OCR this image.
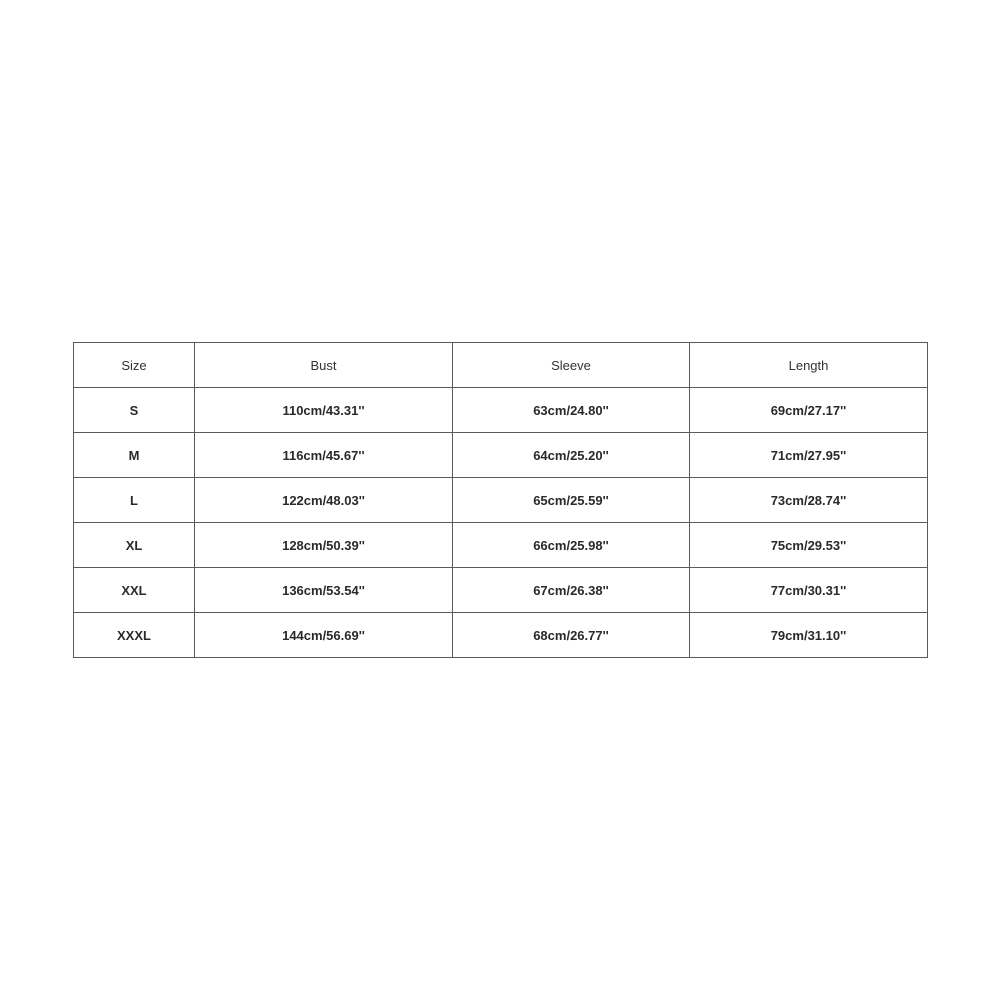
Size	Bust	Sleeve	Length
S	110cm/43.31''	63cm/24.80''	69cm/27.17''
M	116cm/45.67''	64cm/25.20''	71cm/27.95''
L	122cm/48.03''	65cm/25.59''	73cm/28.74''
XL	128cm/50.39''	66cm/25.98''	75cm/29.53''
XXL	136cm/53.54''	67cm/26.38''	77cm/30.31''
XXXL	144cm/56.69''	68cm/26.77''	79cm/31.10''
